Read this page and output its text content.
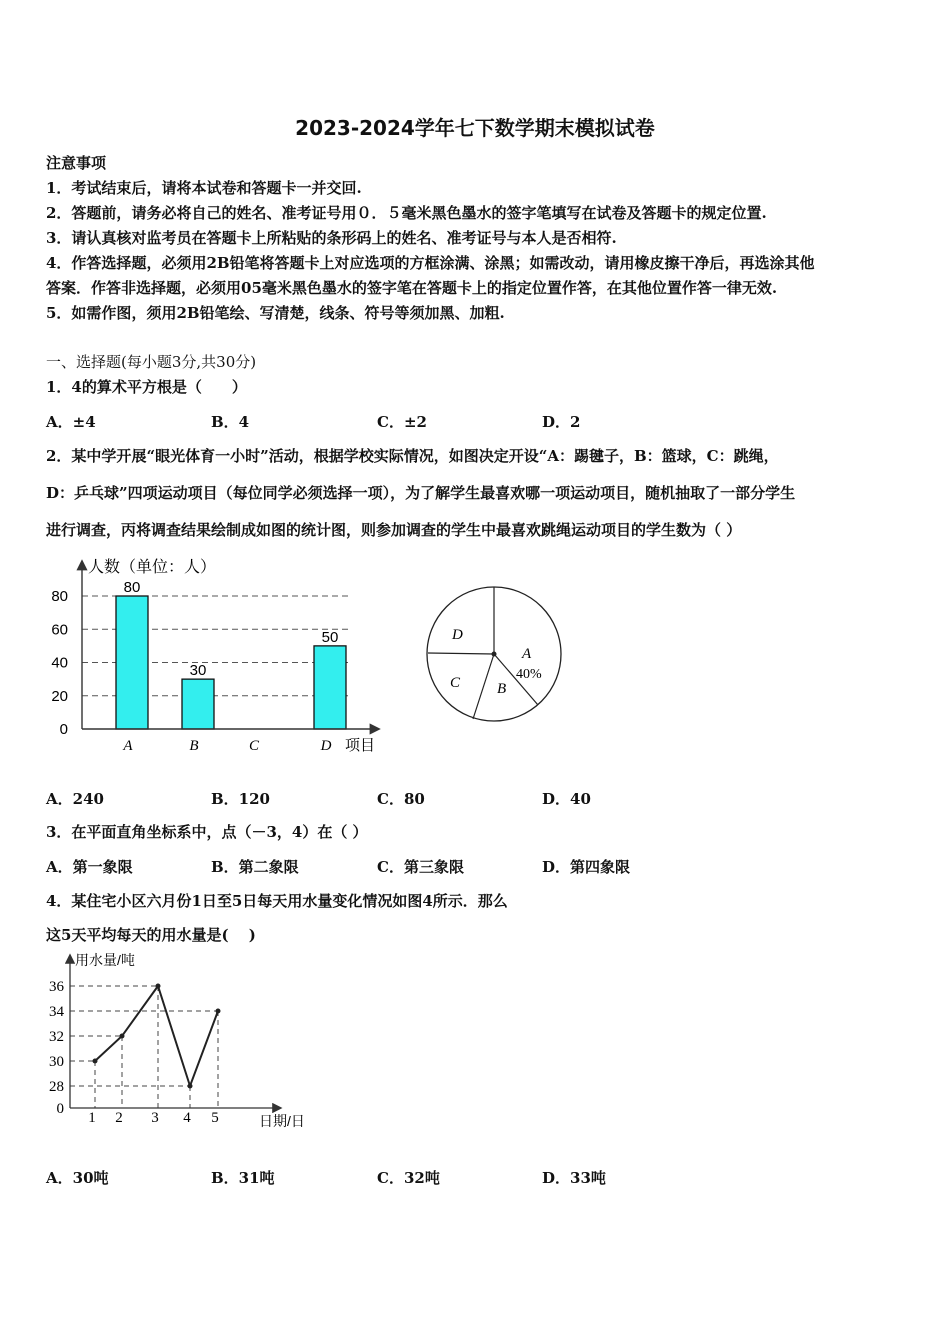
2023-2024学年七下数学期末模拟试卷
注意事项
1．考试结束后，请将本试卷和答题卡一并交回.
2．答题前，请务必将自己的姓名、准考证号用０．５毫米黑色墨水的签字笔填写在试卷及答题卡的规定位置.
3．请认真核对监考员在答题卡上所粘贴的条形码上的姓名、准考证号与本人是否相符.
4．作答选择题，必须用2B铅笔将答题卡上对应选项的方框涂满、涂黑；如需改动，请用橡皮擦干净后，再选涂其他
答案．作答非选择题，必须用05毫米黑色墨水的签字笔在答题卡上的指定位置作答，在其他位置作答一律无效.
5．如需作图，须用2B铅笔绘、写清楚，线条、符号等须加黑、加粗.
一、选择题(每小题3分,共30分)
1．4的算术平方根是（　　）
A．±4	B．4	C．±2	D．2
2．某中学开展“眼光体育一小时”活动，根据学校实际情况，如图决定开设“A：踢毽子，B：篮球，C：跳绳，
D：乒乓球”四项运动项目（每位同学必须选择一项），为了解学生最喜欢哪一项运动项目，随机抽取了一部分学生
进行调查，丙将调查结果绘制成如图的统计图，则参加调查的学生中最喜欢跳绳运动项目的学生数为（ ）
0
20
40
60
80
80
A
30
B	C
50
D
人数（单位：人）
项目
A
40%
B
C
D
A．240	B．120	C．80	D．40
3．在平面直角坐标系中，点（－3，4）在（ ）
A．第一象限	B．第二象限	C．第三象限	D．第四象限
4．某住宅小区六月份1日至5日每天用水量变化情况如图4所示．那么
这5天平均每天的用水量是(　 )
0
28
30
32
34
36
1 2 3 4 5
用水量/吨
日期/日
A．30吨	B．31吨	C．32吨	D．33吨
